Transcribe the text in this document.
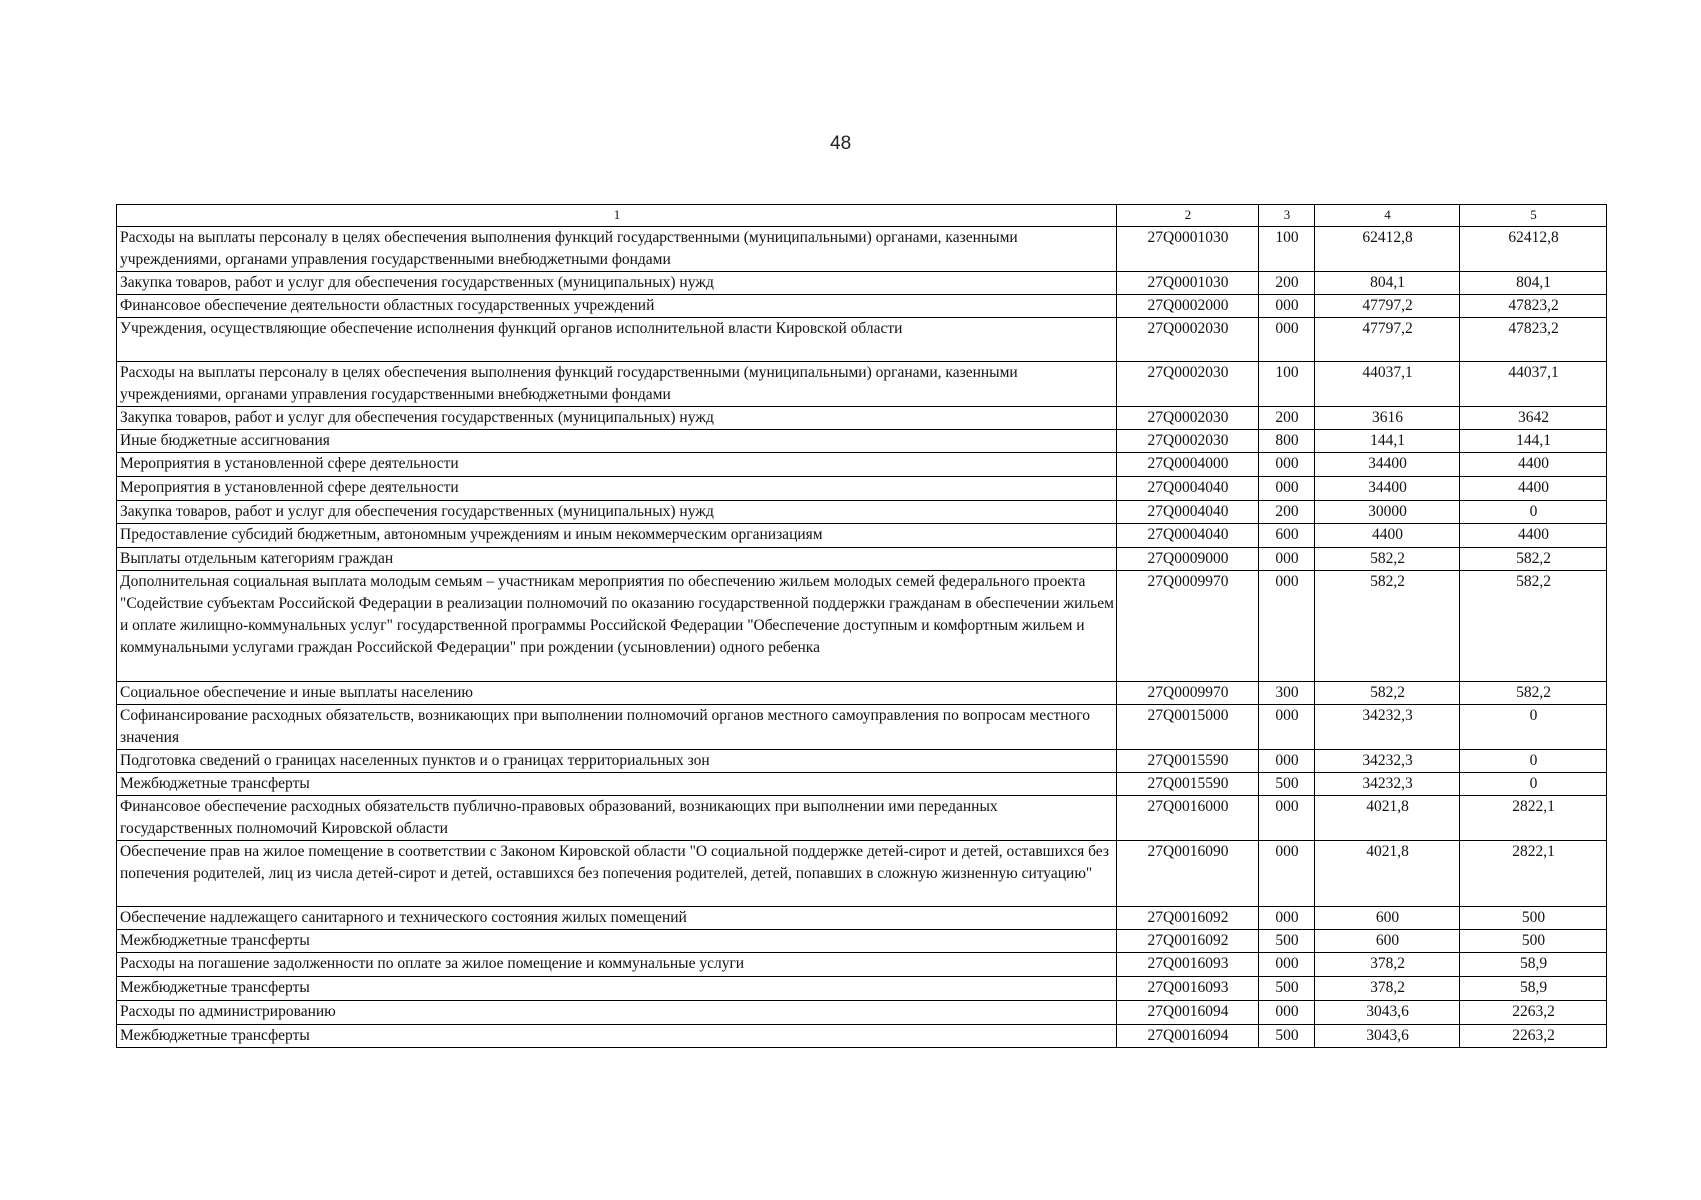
48
1	2	3	4	5
Расходы на выплаты персоналу в целях обеспечения выполнения функций государственными (муниципальными) органами, казенными учреждениями, органами управления государственными внебюджетными фондами	27Q0001030	100	62412,8	62412,8
Закупка товаров, работ и услуг для обеспечения государственных (муниципальных) нужд	27Q0001030	200	804,1	804,1
Финансовое обеспечение деятельности областных государственных учреждений	27Q0002000	000	47797,2	47823,2
Учреждения, осуществляющие обеспечение исполнения функций органов исполнительной власти Кировской области	27Q0002030	000	47797,2	47823,2
Расходы на выплаты персоналу в целях обеспечения выполнения функций государственными (муниципальными) органами, казенными учреждениями, органами управления государственными внебюджетными фондами	27Q0002030	100	44037,1	44037,1
Закупка товаров, работ и услуг для обеспечения государственных (муниципальных) нужд	27Q0002030	200	3616	3642
Иные бюджетные ассигнования	27Q0002030	800	144,1	144,1
Мероприятия в установленной сфере деятельности	27Q0004000	000	34400	4400
Мероприятия в установленной сфере деятельности	27Q0004040	000	34400	4400
Закупка товаров, работ и услуг для обеспечения государственных (муниципальных) нужд	27Q0004040	200	30000	0
Предоставление субсидий бюджетным, автономным учреждениям и иным некоммерческим организациям	27Q0004040	600	4400	4400
Выплаты отдельным категориям граждан	27Q0009000	000	582,2	582,2
Дополнительная социальная выплата молодым семьям – участникам мероприятия по обеспечению жильем молодых семей федерального проекта "Содействие субъектам Российской Федерации в реализации полномочий по оказанию государственной поддержки гражданам в обеспечении жильем и оплате жилищно-коммунальных услуг" государственной программы Российской Федерации "Обеспечение доступным и комфортным жильем и коммунальными услугами граждан Российской Федерации" при рождении (усыновлении) одного ребенка	27Q0009970	000	582,2	582,2
Социальное обеспечение и иные выплаты населению	27Q0009970	300	582,2	582,2
Софинансирование расходных обязательств, возникающих при выполнении полномочий органов местного самоуправления по вопросам местного значения	27Q0015000	000	34232,3	0
Подготовка сведений о границах населенных пунктов и о границах территориальных зон	27Q0015590	000	34232,3	0
Межбюджетные трансферты	27Q0015590	500	34232,3	0
Финансовое обеспечение расходных обязательств публично-правовых образований, возникающих при выполнении ими переданных государственных полномочий Кировской области	27Q0016000	000	4021,8	2822,1
Обеспечение прав на жилое помещение в соответствии с Законом Кировской области "О социальной поддержке детей-сирот и детей, оставшихся без попечения родителей, лиц из числа детей-сирот и детей, оставшихся без попечения родителей, детей, попавших в сложную жизненную ситуацию"	27Q0016090	000	4021,8	2822,1
Обеспечение надлежащего санитарного и технического состояния жилых помещений	27Q0016092	000	600	500
Межбюджетные трансферты	27Q0016092	500	600	500
Расходы на погашение задолженности по оплате за жилое помещение и коммунальные услуги	27Q0016093	000	378,2	58,9
Межбюджетные трансферты	27Q0016093	500	378,2	58,9
Расходы по администрированию	27Q0016094	000	3043,6	2263,2
Межбюджетные трансферты	27Q0016094	500	3043,6	2263,2
